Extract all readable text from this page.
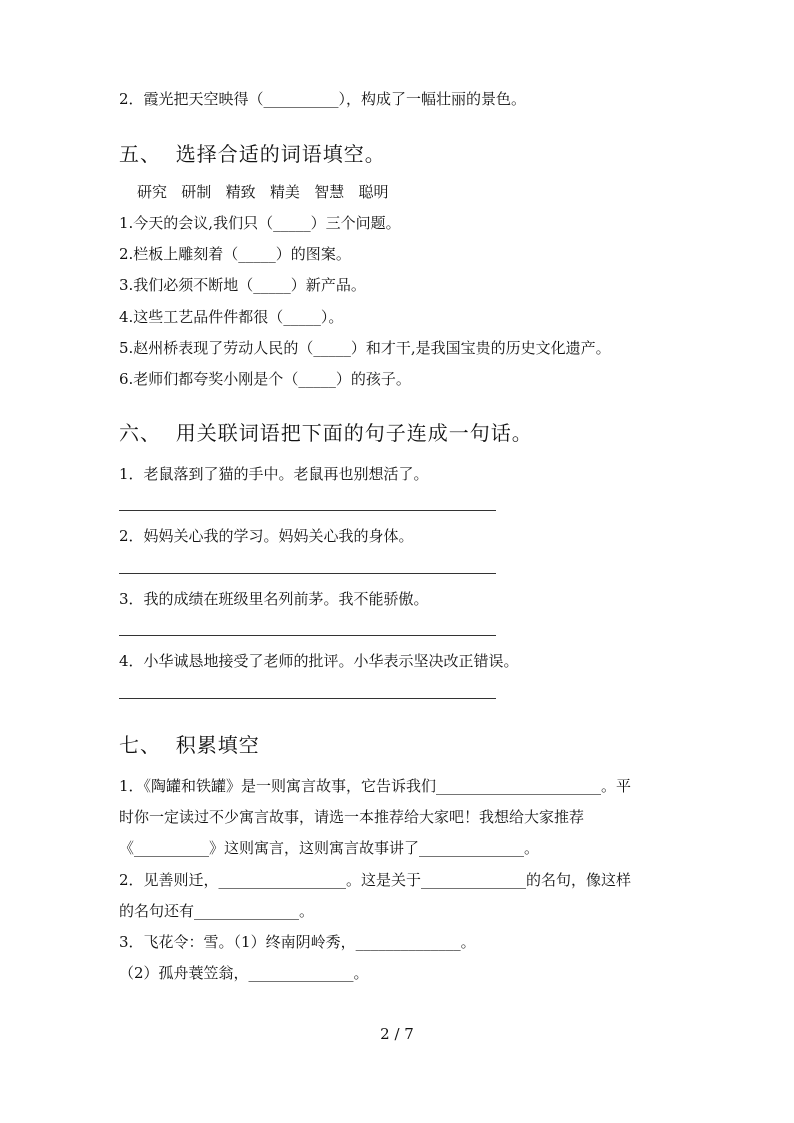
2．霞光把天空映得（__________），构成了一幅壮丽的景色。
五、  选择合适的词语填空。
研究   研制   精致   精美   智慧   聪明
1.今天的会议,我们只（_____）三个问题。
2.栏板上雕刻着（_____）的图案。
3.我们必须不断地（_____）新产品。
4.这些工艺品件件都很（_____）。
5.赵州桥表现了劳动人民的（_____）和才干,是我国宝贵的历史文化遗产。
6.老师们都夸奖小刚是个（_____）的孩子。
六、  用关联词语把下面的句子连成一句话。
1．老鼠落到了猫的手中。老鼠再也别想活了。
2．妈妈关心我的学习。妈妈关心我的身体。
3．我的成绩在班级里名列前茅。我不能骄傲。
4．小华诚恳地接受了老师的批评。小华表示坚决改正错误。
七、  积累填空
1．《陶罐和铁罐》是一则寓言故事，它告诉我们______________________。平
时你一定读过不少寓言故事，请选一本推荐给大家吧！我想给大家推荐
《__________》这则寓言，这则寓言故事讲了______________。
2．见善则迁，_________________。这是关于______________的名句，像这样
的名句还有______________。
3．飞花令：雪。（1）终南阴岭秀，______________。
（2）孤舟蓑笠翁，______________。
2 / 7
